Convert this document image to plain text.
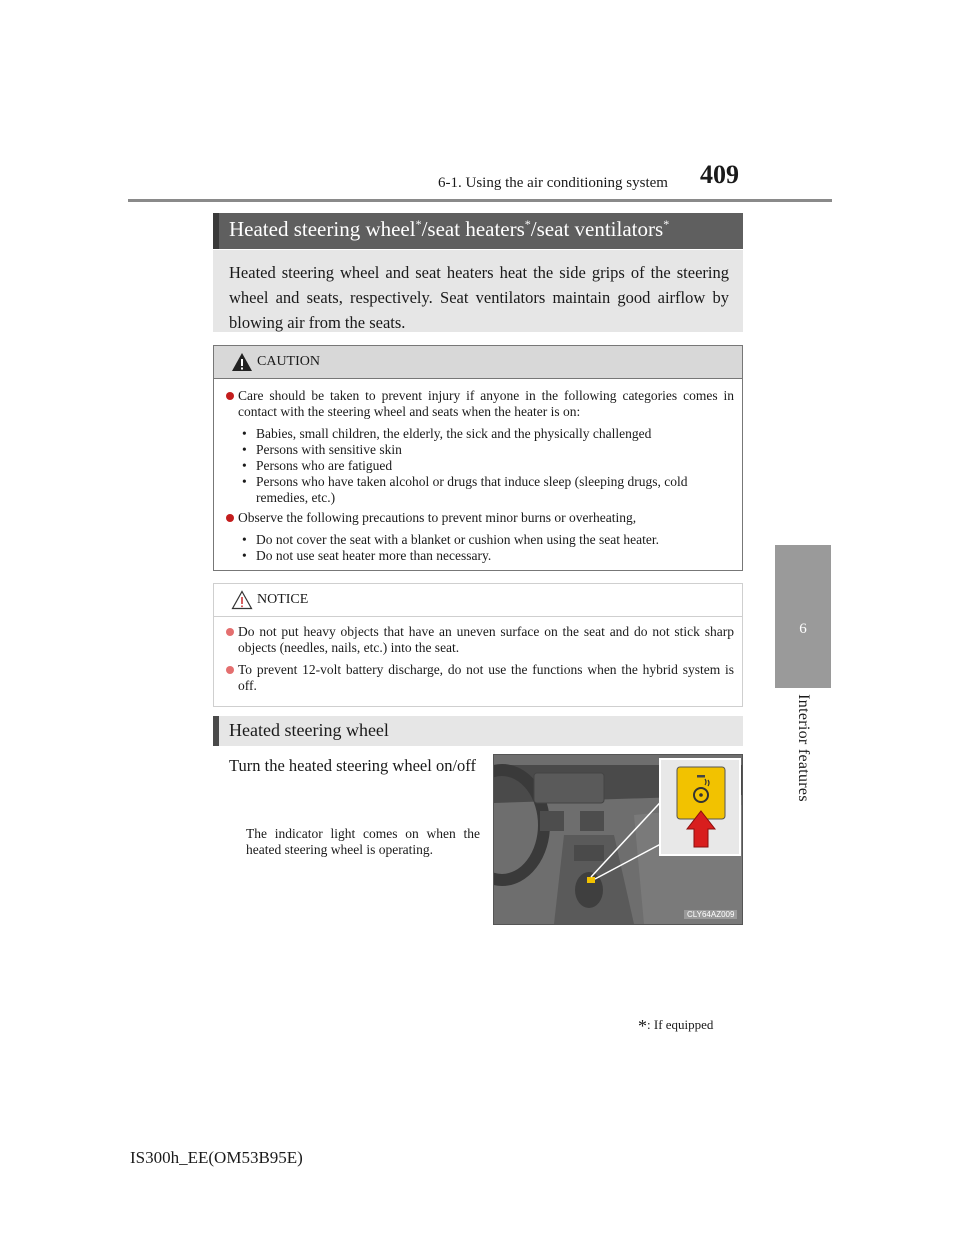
6-1. Using the air conditioning system 409
6
Interior features
Heated steering wheel*/seat heaters*/seat ventilators*
Heated steering wheel and seat heaters heat the side grips of the steering wheel and seats, respectively. Seat ventilators maintain good airflow by blowing air from the seats.
CAUTION
Care should be taken to prevent injury if anyone in the following categories comes in contact with the steering wheel and seats when the heater is on:
• Babies, small children, the elderly, the sick and the physically challenged
• Persons with sensitive skin
• Persons who are fatigued
• Persons who have taken alcohol or drugs that induce sleep (sleeping drugs, cold remedies, etc.)
Observe the following precautions to prevent minor burns or overheating,
• Do not cover the seat with a blanket or cushion when using the seat heater.
• Do not use seat heater more than necessary.
NOTICE
Do not put heavy objects that have an uneven surface on the seat and do not stick sharp objects (needles, nails, etc.) into the seat.
To prevent 12-volt battery discharge, do not use the functions when the hybrid system is off.
Heated steering wheel
Turn the heated steering wheel on/off
The indicator light comes on when the heated steering wheel is operating.
CLY64AZ009
*: If equipped
IS300h_EE(OM53B95E)
